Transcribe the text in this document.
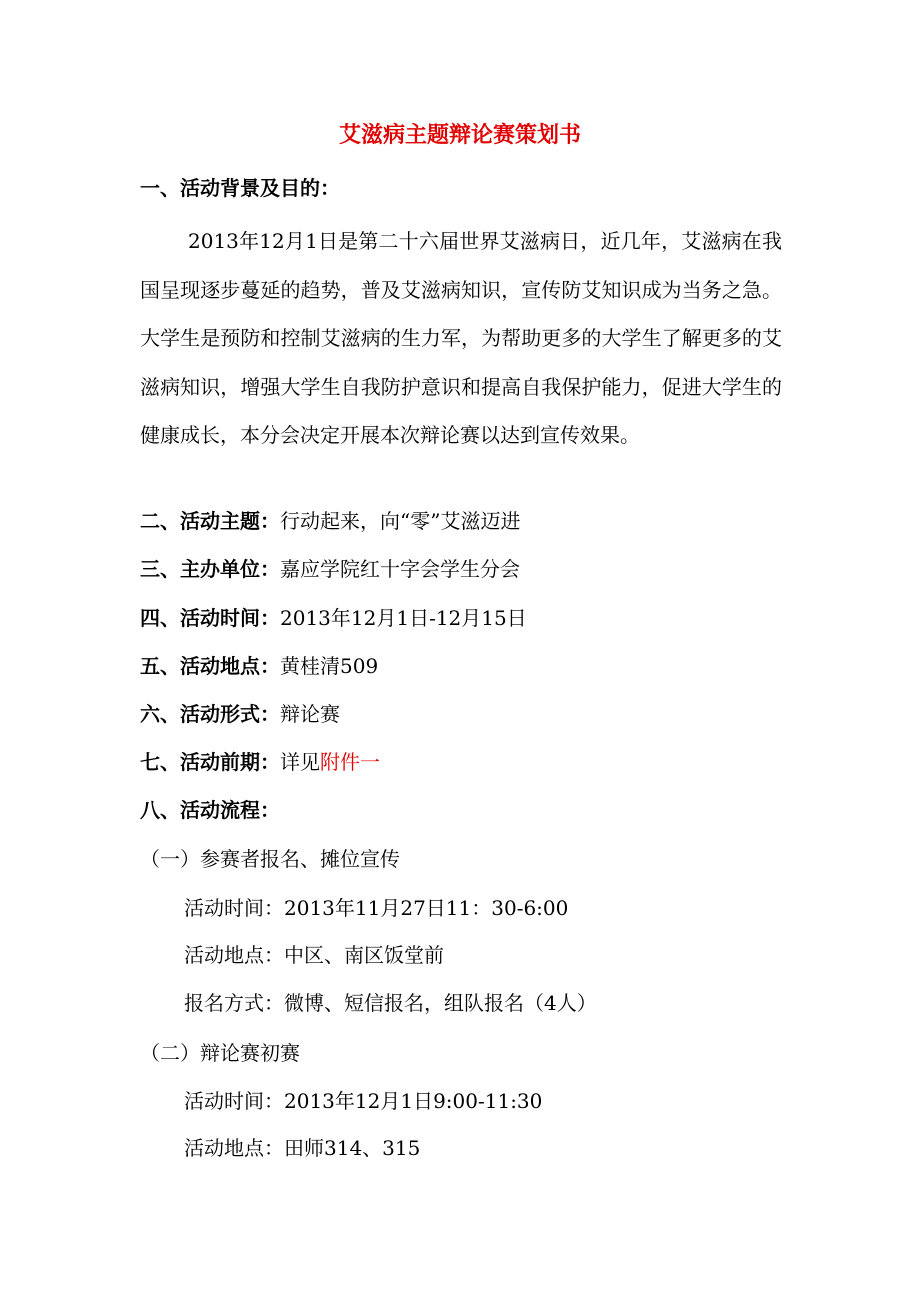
艾滋病主题辩论赛策划书
一、活动背景及目的：
2013年12月1日是第二十六届世界艾滋病日，近几年，艾滋病在我国呈现逐步蔓延的趋势，普及艾滋病知识，宣传防艾知识成为当务之急。大学生是预防和控制艾滋病的生力军，为帮助更多的大学生了解更多的艾滋病知识，增强大学生自我防护意识和提高自我保护能力，促进大学生的健康成长，本分会决定开展本次辩论赛以达到宣传效果。
二、活动主题：行动起来，向“零”艾滋迈进
三、主办单位：嘉应学院红十字会学生分会
四、活动时间：2013年12月1日-12月15日
五、活动地点：黄桂清509
六、活动形式：辩论赛
七、活动前期：详见附件一
八、活动流程：
（一）参赛者报名、摊位宣传
活动时间：2013年11月27日11：30-6:00
活动地点：中区、南区饭堂前
报名方式：微博、短信报名，组队报名（4人）
（二）辩论赛初赛
活动时间：2013年12月1日9:00-11:30
活动地点：田师314、315
